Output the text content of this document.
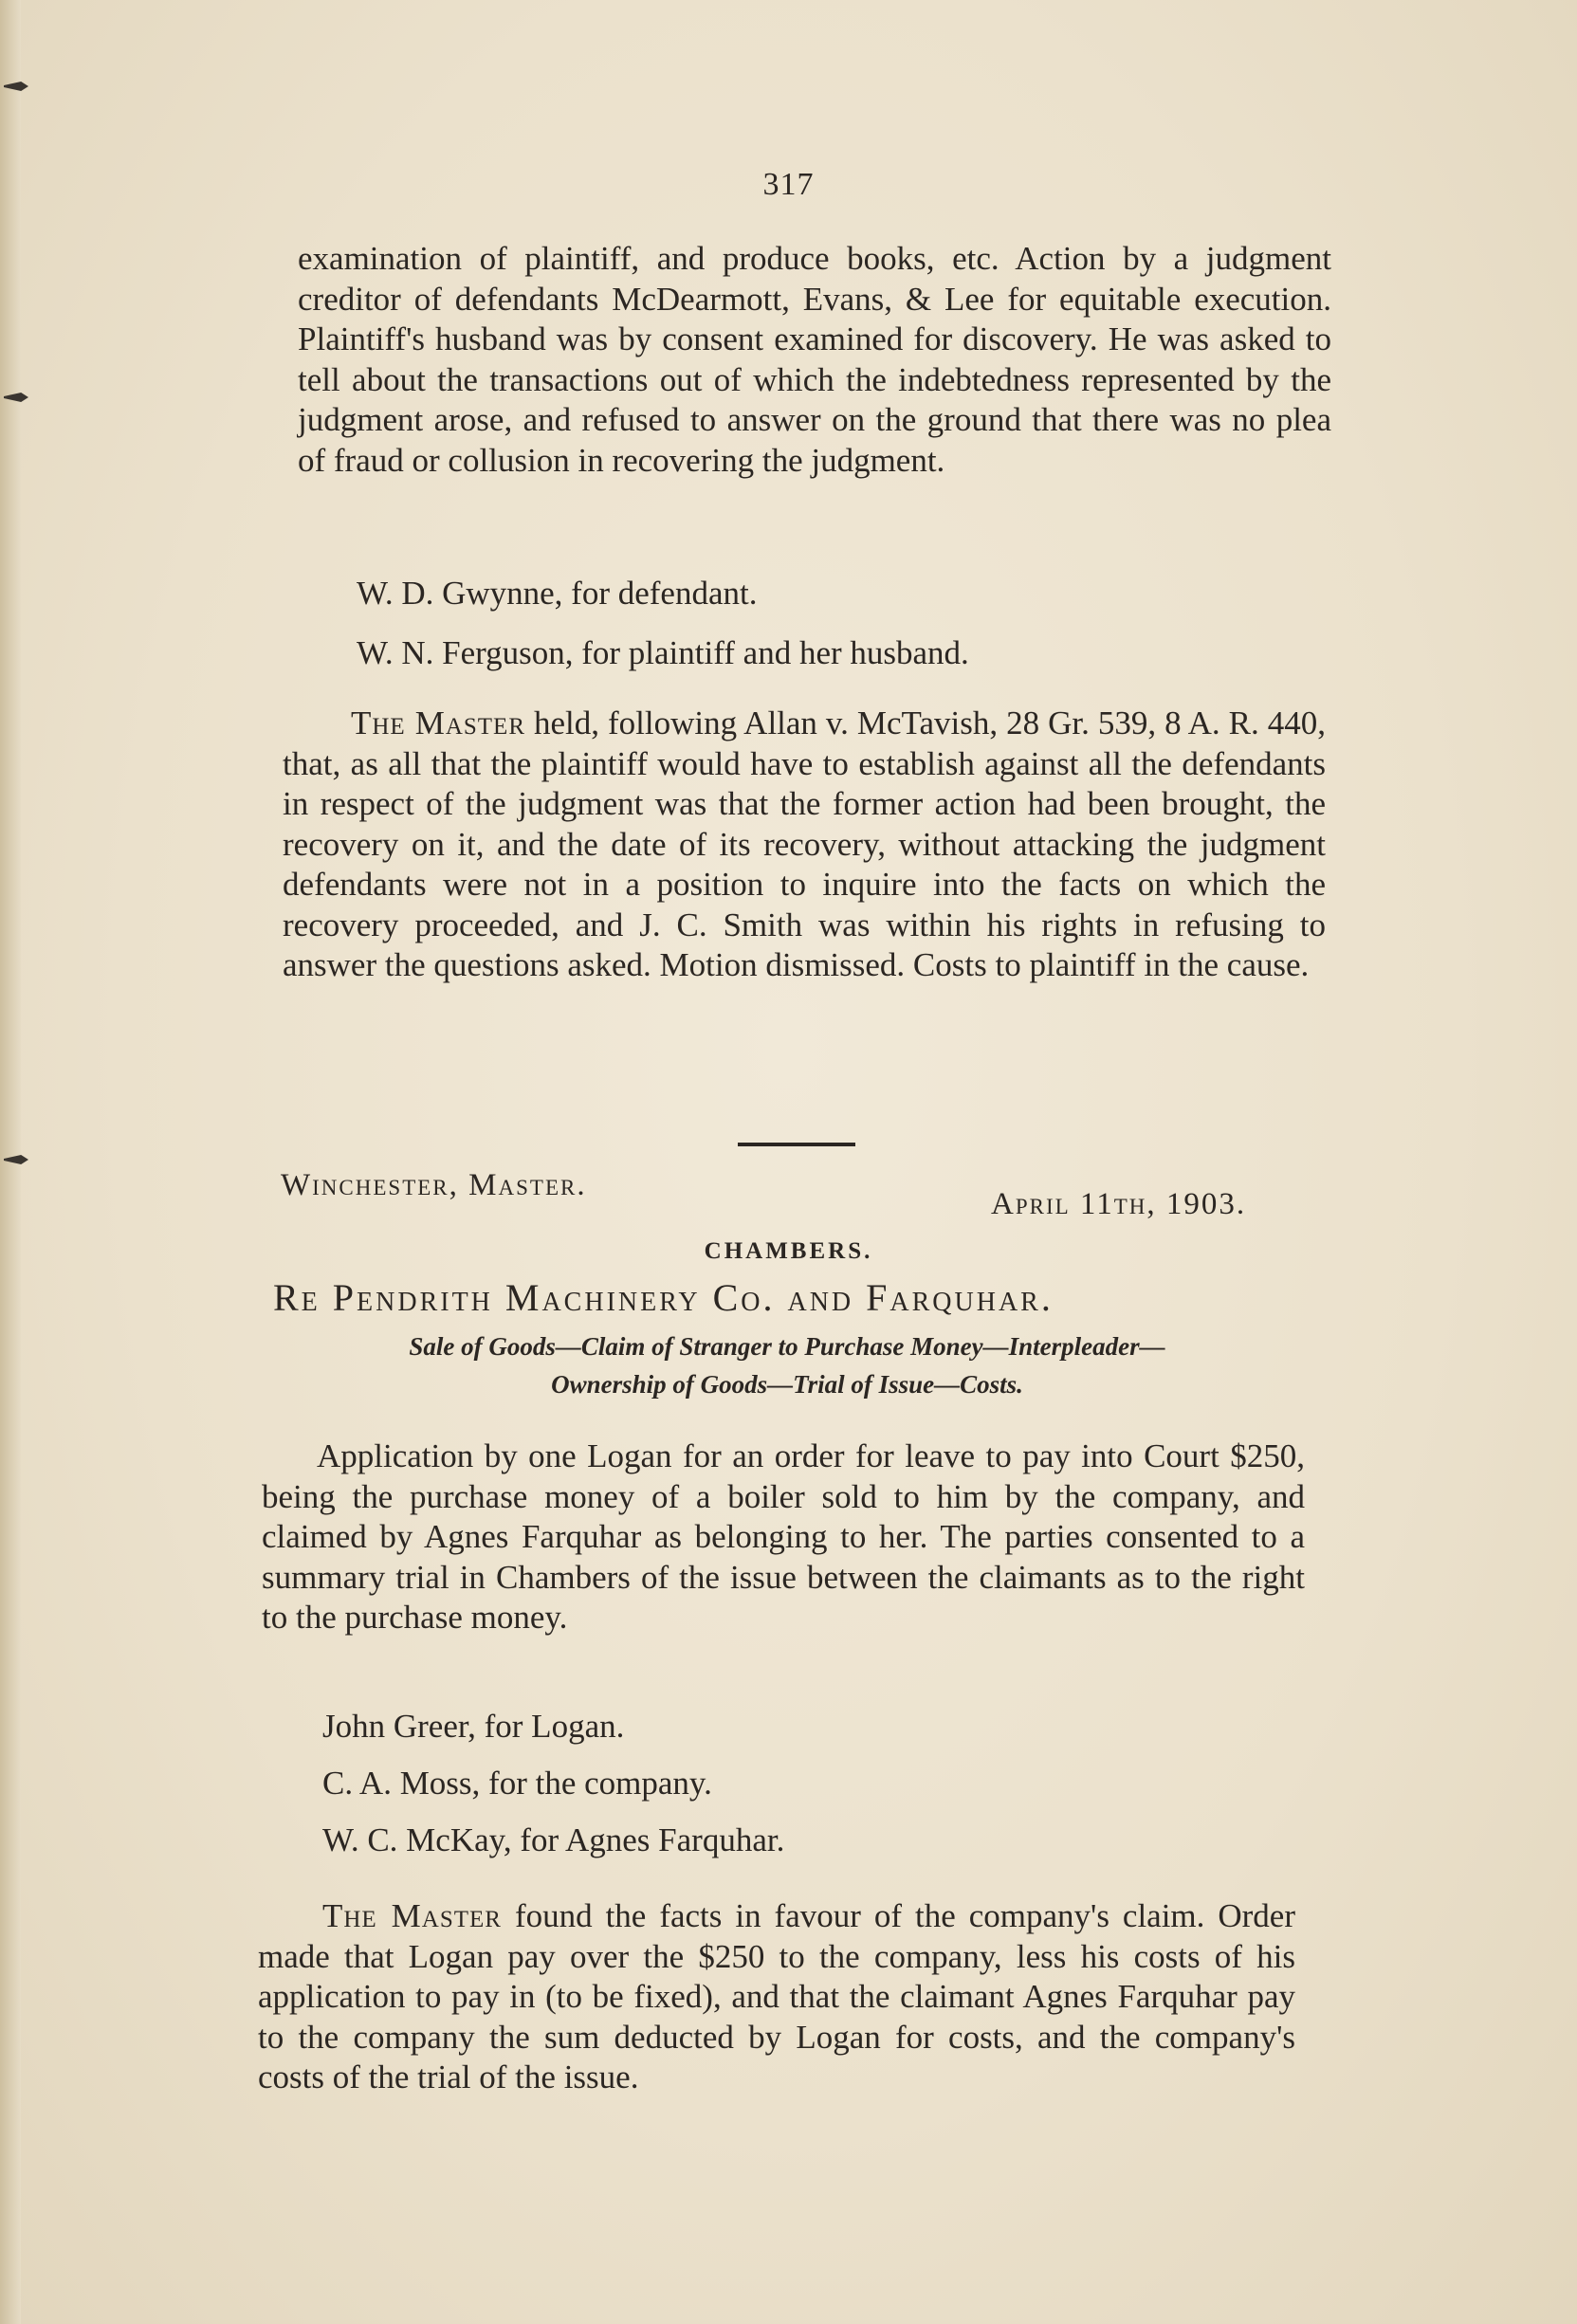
317

examination of plaintiff, and produce books, etc. Action by a judgment creditor of defendants McDearmott, Evans, & Lee for equitable execution. Plaintiff's husband was by consent examined for discovery. He was asked to tell about the transactions out of which the indebtedness represented by the judgment arose, and refused to answer on the ground that there was no plea of fraud or collusion in recovering the judgment.

W. D. Gwynne, for defendant.

W. N. Ferguson, for plaintiff and her husband.

The Master held, following Allan v. McTavish, 28 Gr. 539, 8 A. R. 440, that, as all that the plaintiff would have to establish against all the defendants in respect of the judgment was that the former action had been brought, the recovery on it, and the date of its recovery, without attacking the judgment defendants were not in a position to inquire into the facts on which the recovery proceeded, and J. C. Smith was within his rights in refusing to answer the questions asked. Motion dismissed. Costs to plaintiff in the cause.

Winchester, Master.
April 11th, 1903.
CHAMBERS.
Re Pendrith Machinery Co. and Farquhar.
Sale of Goods—Claim of Stranger to Purchase Money—Interpleader—
Ownership of Goods—Trial of Issue—Costs.

Application by one Logan for an order for leave to pay into Court $250, being the purchase money of a boiler sold to him by the company, and claimed by Agnes Farquhar as belonging to her. The parties consented to a summary trial in Chambers of the issue between the claimants as to the right to the purchase money.

John Greer, for Logan.

C. A. Moss, for the company.

W. C. McKay, for Agnes Farquhar.

The Master found the facts in favour of the company's claim. Order made that Logan pay over the $250 to the company, less his costs of his application to pay in (to be fixed), and that the claimant Agnes Farquhar pay to the company the sum deducted by Logan for costs, and the company's costs of the trial of the issue.
